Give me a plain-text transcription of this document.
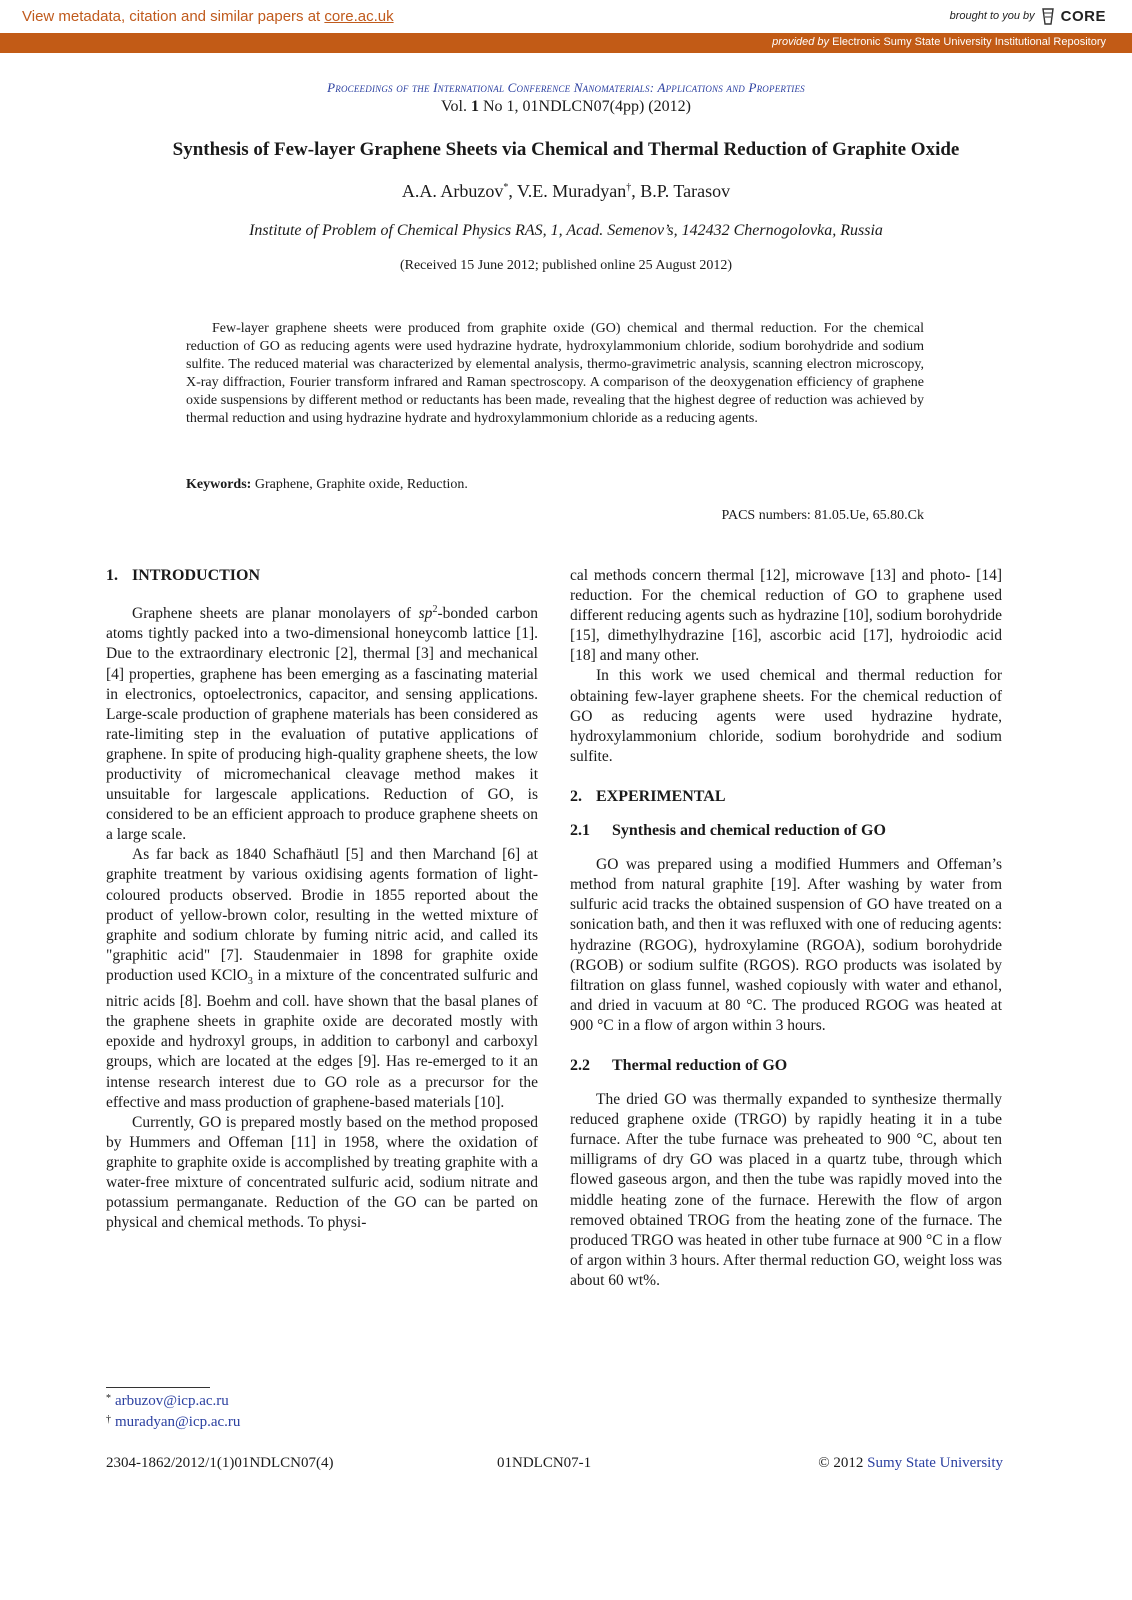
View metadata, citation and similar papers at core.ac.uk	brought to you by CORE
provided by Electronic Sumy State University Institutional Repository
Proceedings of the International Conference Nanomaterials: Applications and Properties
Vol. 1 No 1, 01NDLCN07(4pp) (2012)
Synthesis of Few-layer Graphene Sheets via Chemical and Thermal Reduction of Graphite Oxide
A.A. Arbuzov*, V.E. Muradyan†, B.P. Tarasov
Institute of Problem of Chemical Physics RAS, 1, Acad. Semenov’s, 142432 Chernogolovka, Russia
(Received 15 June 2012; published online 25 August 2012)

Few-layer graphene sheets were produced from graphite oxide (GO) chemical and thermal reduction. For the chemical reduction of GO as reducing agents were used hydrazine hydrate, hydroxylammonium chloride, sodium borohydride and sodium sulfite. The reduced material was characterized by elemental analysis, thermo-gravimetric analysis, scanning electron microscopy, X-ray diffraction, Fourier transform infrared and Raman spectroscopy. A comparison of the deoxygenation efficiency of graphene oxide suspensions by different method or reductants has been made, revealing that the highest degree of reduction was achieved by thermal reduction and using hydrazine hydrate and hydroxylammonium chloride as a reducing agents.

Keywords: Graphene, Graphite oxide, Reduction.
PACS numbers: 81.05.Ue, 65.80.Ck
1. INTRODUCTION

Graphene sheets are planar monolayers of $sp^2$-bonded carbon atoms tightly packed into a two-dimensional honeycomb lattice [1]. Due to the extraordinary electronic [2], thermal [3] and mechanical [4] properties, graphene has been emerging as a fascinating material in electronics, optoelectronics, capacitor, and sensing applications. Large-scale production of graphene materials has been considered as rate-limiting step in the evaluation of putative applications of graphene. In spite of producing high-quality graphene sheets, the low productivity of micromechanical cleavage method makes it unsuitable for largescale applications. Reduction of GO, is considered to be an efficient approach to produce graphene sheets on a large scale.

As far back as 1840 Schafhäutl [5] and then Marchand [6] at graphite treatment by various oxidising agents formation of light-coloured products observed. Brodie in 1855 reported about the product of yellow-brown color, resulting in the wetted mixture of graphite and sodium chlorate by fuming nitric acid, and called its "graphitic acid" [7]. Staudenmaier in 1898 for graphite oxide production used KClO$_3$ in a mixture of the concentrated sulfuric and nitric acids [8]. Boehm and coll. have shown that the basal planes of the graphene sheets in graphite oxide are decorated mostly with epoxide and hydroxyl groups, in addition to carbonyl and carboxyl groups, which are located at the edges [9]. Has re-emerged to it an intense research interest due to GO role as a precursor for the effective and mass production of graphene-based materials [10].

Currently, GO is prepared mostly based on the method proposed by Hummers and Offeman [11] in 1958, where the oxidation of graphite to graphite oxide is accomplished by treating graphite with a water-free mixture of concentrated sulfuric acid, sodium nitrate and potassium permanganate. Reduction of the GO can be parted on physical and chemical methods. To physi-

cal methods concern thermal [12], microwave [13] and photo- [14] reduction. For the chemical reduction of GO to graphene used different reducing agents such as hydrazine [10], sodium borohydride [15], dimethylhydrazine [16], ascorbic acid [17], hydroiodic acid [18] and many other.

In this work we used chemical and thermal reduction for obtaining few-layer graphene sheets. For the chemical reduction of GO as reducing agents were used hydrazine hydrate, hydroxylammonium chloride, sodium borohydride and sodium sulfite.

2. EXPERIMENTAL
2.1 Synthesis and chemical reduction of GO

GO was prepared using a modified Hummers and Offeman’s method from natural graphite [19]. After washing by water from sulfuric acid tracks the obtained suspension of GO have treated on a sonication bath, and then it was refluxed with one of reducing agents: hydrazine (RGOG), hydroxylamine (RGOA), sodium borohydride (RGOB) or sodium sulfite (RGOS). RGO products was isolated by filtration on glass funnel, washed copiously with water and ethanol, and dried in vacuum at 80 °C. The produced RGOG was heated at 900 °C in a flow of argon within 3 hours.

2.2 Thermal reduction of GO

The dried GO was thermally expanded to synthesize thermally reduced graphene oxide (TRGO) by rapidly heating it in a tube furnace. After the tube furnace was preheated to 900 °C, about ten milligrams of dry GO was placed in a quartz tube, through which flowed gaseous argon, and then the tube was rapidly moved into the middle heating zone of the furnace. Herewith the flow of argon removed obtained TROG from the heating zone of the furnace. The produced TRGO was heated in other tube furnace at 900 °C in a flow of argon within 3 hours. After thermal reduction GO, weight loss was about 60 wt%.

* arbuzov@icp.ac.ru
† muradyan@icp.ac.ru
2304-1862/2012/1(1)01NDLCN07(4)	01NDLCN07-1	© 2012 Sumy State University
